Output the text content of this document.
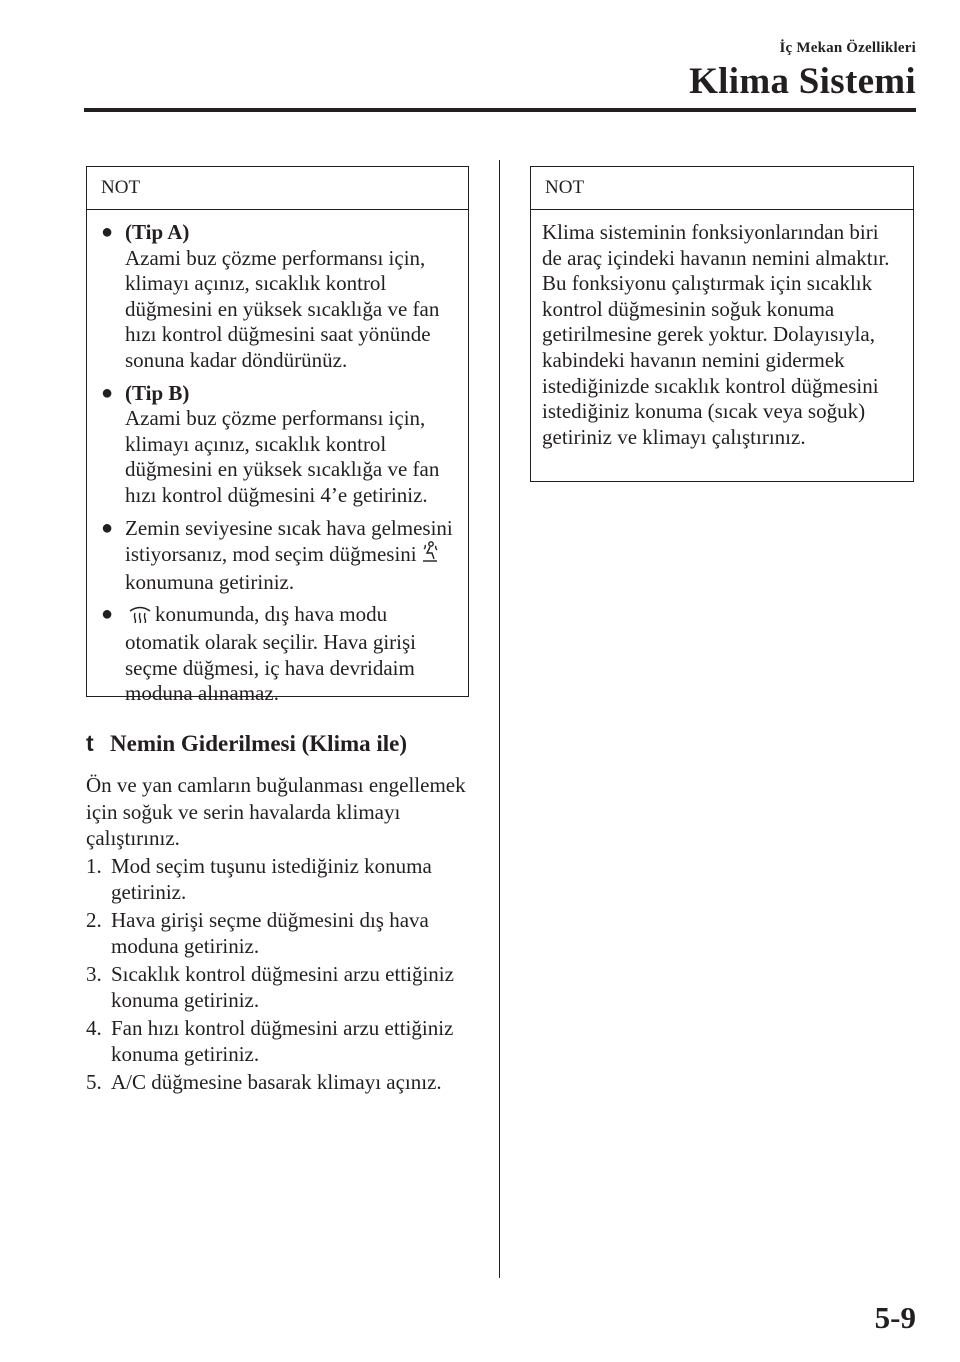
İç Mekan Özellikleri
Klima Sistemi
NOT
● (Tip A)
Azami buz çözme performansı için, klimayı açınız, sıcaklık kontrol düğmesini en yüksek sıcaklığa ve fan hızı kontrol düğmesini saat yönünde sonuna kadar döndürünüz.
● (Tip B)
Azami buz çözme performansı için, klimayı açınız, sıcaklık kontrol düğmesini en yüksek sıcaklığa ve fan hızı kontrol düğmesini 4’e getiriniz.
● Zemin seviyesine sıcak hava gelmesini istiyorsanız, mod seçim düğmesinikonumuna getiriniz.
● konumunda, dış hava modu otomatik olarak seçilir. Hava girişi seçme düğmesi, iç hava devridaim moduna alınamaz.
t Nemin Giderilmesi (Klima ile)

Ön ve yan camların buğulanması engellemek için soğuk ve serin havalarda klimayı çalıştırınız.

1. Mod seçim tuşunu istediğiniz konuma getiriniz.
2. Hava girişi seçme düğmesini dış hava moduna getiriniz.
3. Sıcaklık kontrol düğmesini arzu ettiğiniz konuma getiriniz.
4. Fan hızı kontrol düğmesini arzu ettiğiniz konuma getiriniz.
5. A/C düğmesine basarak klimayı açınız.
NOT
Klima sisteminin fonksiyonlarından biri de araç içindeki havanın nemini almaktır. Bu fonksiyonu çalıştırmak için sıcaklık kontrol düğmesinin soğuk konuma getirilmesine gerek yoktur. Dolayısıyla, kabindeki havanın nemini gidermek istediğinizde sıcaklık kontrol düğmesini istediğiniz konuma (sıcak veya soğuk) getiriniz ve klimayı çalıştırınız.
5-9
